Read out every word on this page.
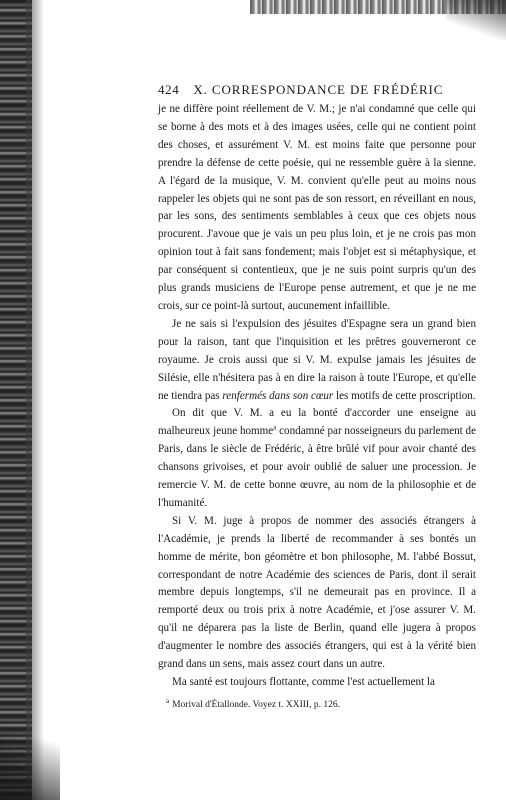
424 X. CORRESPONDANCE DE FRÉDÉRIC

je ne diffère point réellement de V. M.; je n'ai condamné que celle qui se borne à des mots et à des images usées, celle qui ne contient point des choses, et assurément V. M. est moins faite que personne pour prendre la défense de cette poésie, qui ne ressemble guère à la sienne. A l'égard de la musique, V. M. convient qu'elle peut au moins nous rappeler les objets qui ne sont pas de son ressort, en réveillant en nous, par les sons, des sentiments semblables à ceux que ces objets nous procurent. J'avoue que je vais un peu plus loin, et je ne crois pas mon opinion tout à fait sans fondement; mais l'objet est si métaphysique, et par conséquent si contentieux, que je ne suis point surpris qu'un des plus grands musiciens de l'Europe pense autrement, et que je ne me crois, sur ce point-là surtout, aucunement infaillible.

Je ne sais si l'expulsion des jésuites d'Espagne sera un grand bien pour la raison, tant que l'inquisition et les prêtres gouverneront ce royaume. Je crois aussi que si V. M. expulse jamais les jésuites de Silésie, elle n'hésitera pas à en dire la raison à toute l'Europe, et qu'elle ne tiendra pas renfermés dans son cœur les motifs de cette proscription.

On dit que V. M. a eu la bonté d'accorder une enseigne au malheureux jeune homme$^a$ condamné par nosseigneurs du parlement de Paris, dans le siècle de Frédéric, à être brûlé vif pour avoir chanté des chansons grivoises, et pour avoir oublié de saluer une procession. Je remercie V. M. de cette bonne œuvre, au nom de la philosophie et de l'humanité.

Si V. M. juge à propos de nommer des associés étrangers à l'Académie, je prends la liberté de recommander à ses bontés un homme de mérite, bon géomètre et bon philosophe, M. l'abbé Bossut, correspondant de notre Académie des sciences de Paris, dont il serait membre depuis longtemps, s'il ne demeurait pas en province. Il a remporté deux ou trois prix à notre Académie, et j'ose assurer V. M. qu'il ne déparera pas la liste de Berlin, quand elle jugera à propos d'augmenter le nombre des associés étrangers, qui est à la vérité bien grand dans un sens, mais assez court dans un autre.

Ma santé est toujours flottante, comme l'est actuellement la

$^a$ Morival d'Étallonde. Voyez t. XXIII, p. 126.
